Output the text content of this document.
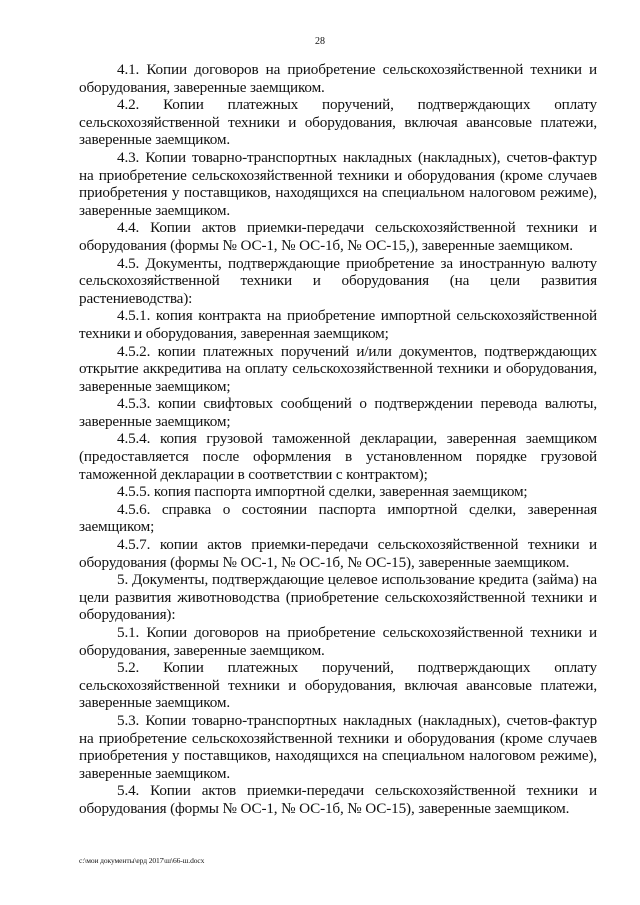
28

4.1. Копии договоров на приобретение сельскохозяйственной техники и оборудования, заверенные заемщиком.

4.2. Копии платежных поручений, подтверждающих оплату сельскохозяйственной техники и оборудования, включая авансовые платежи, заверенные заемщиком.

4.3. Копии товарно-транспортных накладных (накладных), счетов-фактур на приобретение сельскохозяйственной техники и оборудования (кроме случаев приобретения у поставщиков, находящихся на специальном налоговом режиме), заверенные заемщиком.

4.4. Копии актов приемки-передачи сельскохозяйственной техники и оборудования (формы № ОС-1, № ОС-1б, № ОС-15,), заверенные заемщиком.

4.5. Документы, подтверждающие приобретение за иностранную валюту сельскохозяйственной техники и оборудования (на цели развития растениеводства):

4.5.1. копия контракта на приобретение импортной сельскохозяйственной техники и оборудования, заверенная заемщиком;

4.5.2. копии платежных поручений и/или документов, подтверждающих открытие аккредитива на оплату сельскохозяйственной техники и оборудования, заверенные заемщиком;

4.5.3. копии свифтовых сообщений о подтверждении перевода валюты, заверенные заемщиком;

4.5.4. копия грузовой таможенной декларации, заверенная заемщиком (предоставляется после оформления в установленном порядке грузовой таможенной декларации в соответствии с контрактом);

4.5.5. копия паспорта импортной сделки, заверенная заемщиком;

4.5.6. справка о состоянии паспорта импортной сделки, заверенная заемщиком;

4.5.7. копии актов приемки-передачи сельскохозяйственной техники и оборудования (формы № ОС-1, № ОС-1б, № ОС-15), заверенные заемщиком.

5. Документы, подтверждающие целевое использование кредита (займа) на цели развития животноводства (приобретение сельскохозяйственной техники и оборудования):

5.1. Копии договоров на приобретение сельскохозяйственной техники и оборудования, заверенные заемщиком.

5.2. Копии платежных поручений, подтверждающих оплату сельскохозяйственной техники и оборудования, включая авансовые платежи, заверенные заемщиком.

5.3. Копии товарно-транспортных накладных (накладных), счетов-фактур на приобретение сельскохозяйственной техники и оборудования (кроме случаев приобретения у поставщиков, находящихся на специальном налоговом режиме), заверенные заемщиком.

5.4. Копии актов приемки-передачи сельскохозяйственной техники и оборудования (формы № ОС-1, № ОС-1б, № ОС-15), заверенные заемщиком.

c:\мои документы\ерд 2017\ш\66-ш.docx
